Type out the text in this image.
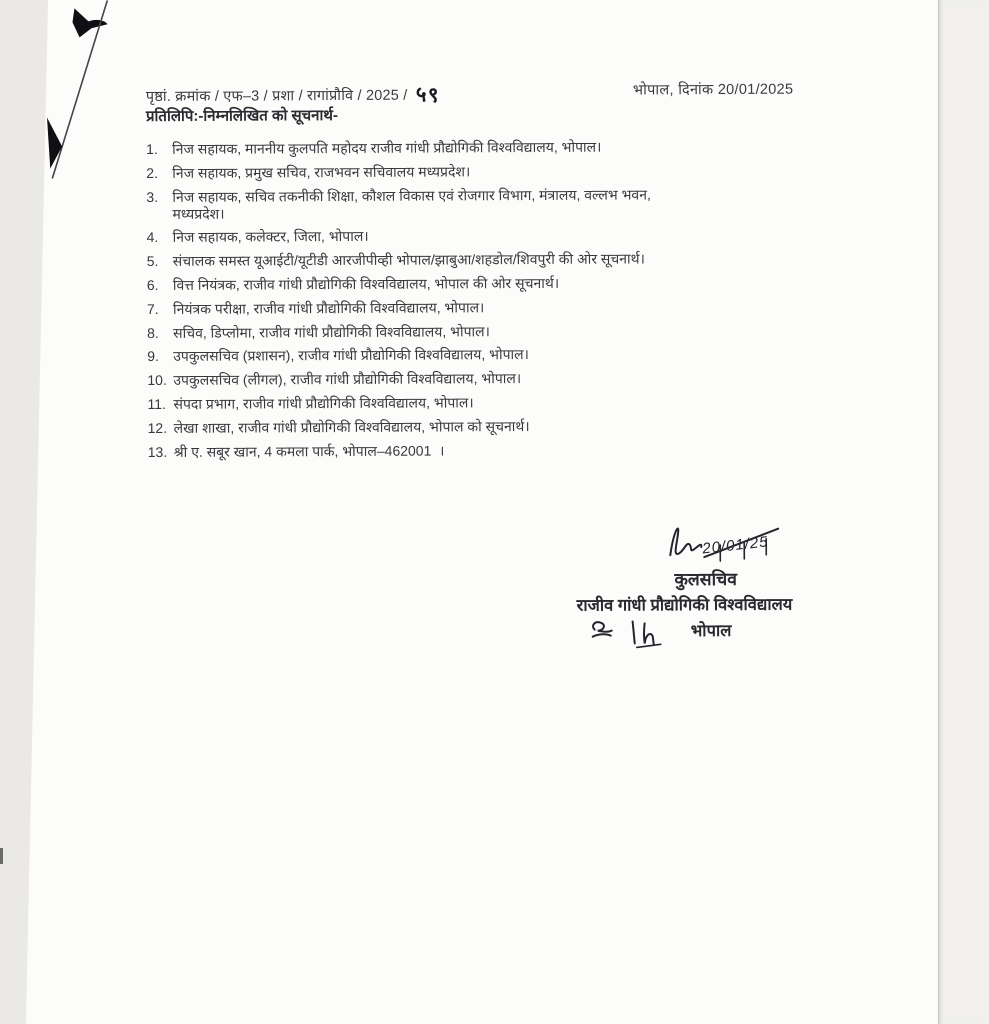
पृष्ठां. क्रमांक / एफ–3 / प्रशा / रागांप्रौवि / 2025 / ५९	भोपाल, दिनांक 20/01/2025
प्रतिलिपि:-निम्नलिखित को सूचनार्थ-
1.	निज सहायक, माननीय कुलपति महोदय राजीव गांधी प्रौद्योगिकी विश्वविद्यालय, भोपाल।
2.	निज सहायक, प्रमुख सचिव, राजभवन सचिवालय मध्यप्रदेश।
3.	निज सहायक, सचिव तकनीकी शिक्षा, कौशल विकास एवं रोजगार विभाग, मंत्रालय, वल्लभ भवन,
मध्यप्रदेश।
4.	निज सहायक, कलेक्टर, जिला, भोपाल।
5.	संचालक समस्त यूआईटी/यूटीडी आरजीपीव्ही भोपाल/झाबुआ/शहडोल/शिवपुरी की ओर सूचनार्थ।
6.	वित्त नियंत्रक, राजीव गांधी प्रौद्योगिकी विश्वविद्यालय, भोपाल की ओर सूचनार्थ।
7.	नियंत्रक परीक्षा, राजीव गांधी प्रौद्योगिकी विश्वविद्यालय, भोपाल।
8.	सचिव, डिप्लोमा, राजीव गांधी प्रौद्योगिकी विश्वविद्यालय, भोपाल।
9.	उपकुलसचिव (प्रशासन), राजीव गांधी प्रौद्योगिकी विश्वविद्यालय, भोपाल।
10. उपकुलसचिव (लीगल), राजीव गांधी प्रौद्योगिकी विश्वविद्यालय, भोपाल।
11. संपदा प्रभाग, राजीव गांधी प्रौद्योगिकी विश्वविद्यालय, भोपाल।
12. लेखा शाखा, राजीव गांधी प्रौद्योगिकी विश्वविद्यालय, भोपाल को सूचनार्थ।
13. श्री ए. सबूर खान, 4 कमला पार्क, भोपाल–462001  ।
20/01/25
कुलसचिव
राजीव गांधी प्रौद्योगिकी विश्वविद्यालय
भोपाल
